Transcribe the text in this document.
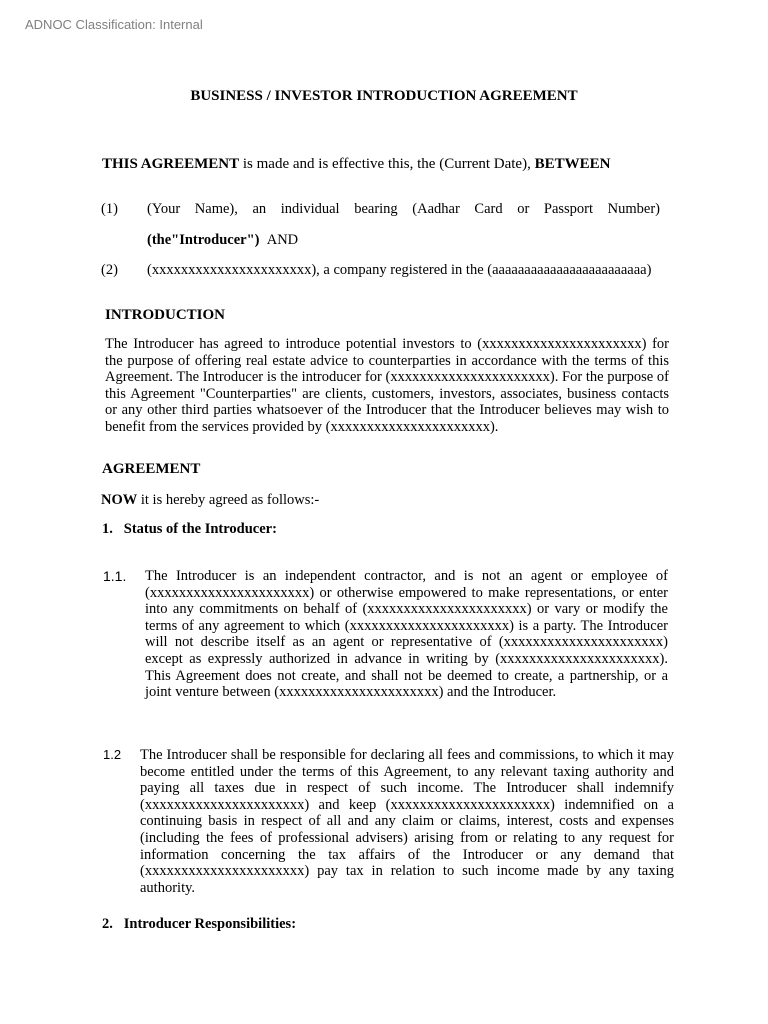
ADNOC Classification: Internal
BUSINESS / INVESTOR INTRODUCTION AGREEMENT
THIS AGREEMENT is made and is effective this, the (Current Date), BETWEEN
(1) (Your Name), an individual bearing (Aadhar Card or Passport Number)
(the"Introducer") AND
(2) (xxxxxxxxxxxxxxxxxxxxxx), a company registered in the (aaaaaaaaaaaaaaaaaaaaaaaa)
INTRODUCTION
The Introducer has agreed to introduce potential investors to (xxxxxxxxxxxxxxxxxxxxxx) for the purpose of offering real estate advice to counterparties in accordance with the terms of this Agreement. The Introducer is the introducer for (xxxxxxxxxxxxxxxxxxxxxx). For the purpose of this Agreement "Counterparties" are clients, customers, investors, associates, business contacts or any other third parties whatsoever of the Introducer that the Introducer believes may wish to benefit from the services provided by (xxxxxxxxxxxxxxxxxxxxxx).
AGREEMENT
NOW it is hereby agreed as follows:-
1.   Status of the Introducer:
1.1. The Introducer is an independent contractor, and is not an agent or employee of (xxxxxxxxxxxxxxxxxxxxxx) or otherwise empowered to make representations, or enter into any commitments on behalf of (xxxxxxxxxxxxxxxxxxxxxx) or vary or modify the terms of any agreement to which (xxxxxxxxxxxxxxxxxxxxxx) is a party. The Introducer will not describe itself as an agent or representative of (xxxxxxxxxxxxxxxxxxxxxx) except as expressly authorized in advance in writing by (xxxxxxxxxxxxxxxxxxxxxx). This Agreement does not create, and shall not be deemed to create, a partnership, or a joint venture between (xxxxxxxxxxxxxxxxxxxxxx) and the Introducer.
1.2 The Introducer shall be responsible for declaring all fees and commissions, to which it may become entitled under the terms of this Agreement, to any relevant taxing authority and paying all taxes due in respect of such income. The Introducer shall indemnify (xxxxxxxxxxxxxxxxxxxxxx) and keep (xxxxxxxxxxxxxxxxxxxxxx) indemnified on a continuing basis in respect of all and any claim or claims, interest, costs and expenses (including the fees of professional advisers) arising from or relating to any request for information concerning the tax affairs of the Introducer or any demand that (xxxxxxxxxxxxxxxxxxxxxx) pay tax in relation to such income made by any taxing authority.
2.   Introducer Responsibilities:
